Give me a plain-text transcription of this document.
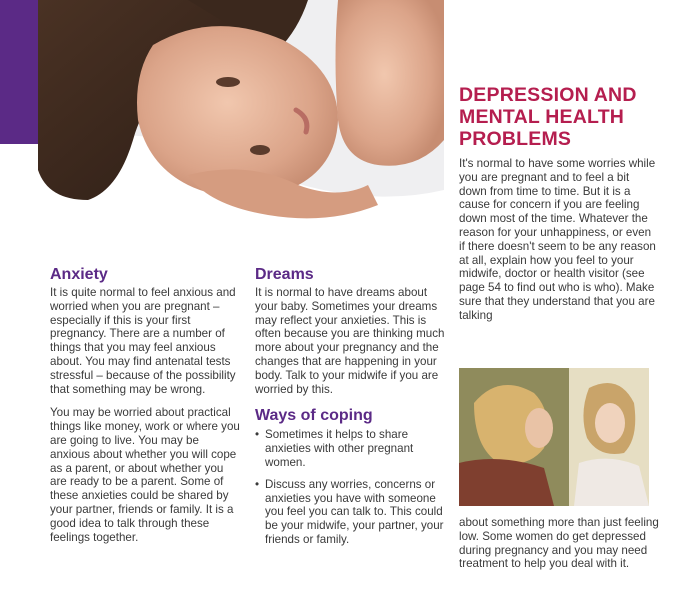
DEPRESSION AND MENTAL HEALTH PROBLEMS

It's normal to have some worries while you are pregnant and to feel a bit down from time to time. But it is a cause for concern if you are feeling down most of the time. Whatever the reason for your unhappiness, or even if there doesn't seem to be any reason at all, explain how you feel to your midwife, doctor or health visitor (see page 54 to find out who is who). Make sure that they understand that you are talking

about something more than just feeling low. Some women do get depressed during pregnancy and you may need treatment to help you deal with it.

Anxiety

It is quite normal to feel anxious and worried when you are pregnant – especially if this is your first pregnancy. There are a number of things that you may feel anxious about. You may find antenatal tests stressful – because of the possibility that something may be wrong.

You may be worried about practical things like money, work or where you are going to live. You may be anxious about whether you will cope as a parent, or about whether you are ready to be a parent. Some of these anxieties could be shared by your partner, friends or family. It is a good idea to talk through these feelings together.

Dreams

It is normal to have dreams about your baby. Sometimes your dreams may reflect your anxieties. This is often because you are thinking much more about your pregnancy and the changes that are happening in your body. Talk to your midwife if you are worried by this.

Ways of coping
• Sometimes it helps to share anxieties with other pregnant women.
• Discuss any worries, concerns or anxieties you have with someone you feel you can talk to. This could be your midwife, your partner, your friends or family.
